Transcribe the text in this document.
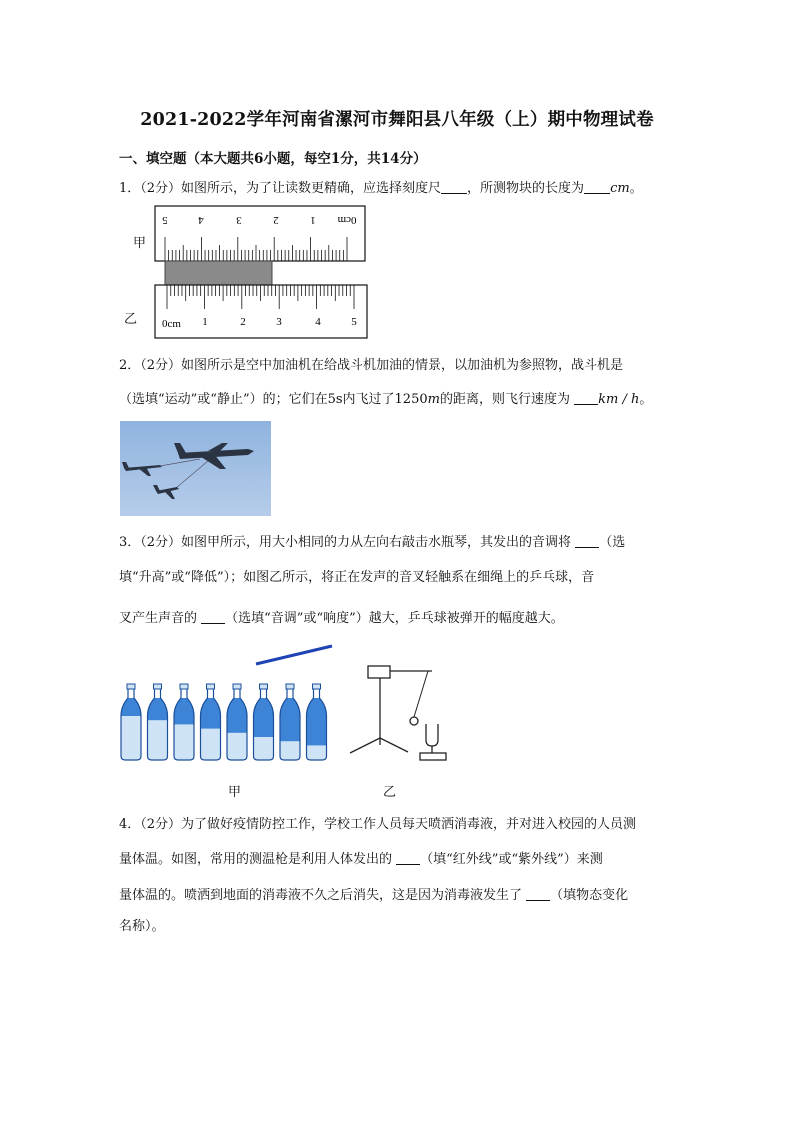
2021-2022学年河南省漯河市舞阳县八年级（上）期中物理试卷
一、填空题（本大题共6小题，每空1分，共14分）
1．（2分）如图所示，为了让读数更精确，应选择刻度尺 ，所测物块的长度为 cm。
甲
乙
0cm
1
2
3
4
5
0cm 1	2	3	4	5
2．（2分）如图所示是空中加油机在给战斗机加油的情景，以加油机为参照物，战斗机是
（选填“运动”或“静止”）的；它们在5s内飞过了1250m的距离，则飞行速度为 km / h。
3．（2分）如图甲所示，用大小相同的力从左向右敲击水瓶琴，其发出的音调将 （选
填“升高”或“降低”）；如图乙所示，将正在发声的音叉轻触系在细绳上的乒乓球，音
叉产生声音的 （选填“音调”或“响度”）越大，乒乓球被弹开的幅度越大。
甲	乙
4．（2分）为了做好疫情防控工作，学校工作人员每天喷洒消毒液，并对进入校园的人员测
量体温。如图，常用的测温枪是利用人体发出的 （填“红外线”或“紫外线”）来测
量体温的。喷洒到地面的消毒液不久之后消失，这是因为消毒液发生了 （填物态变化
名称）。
